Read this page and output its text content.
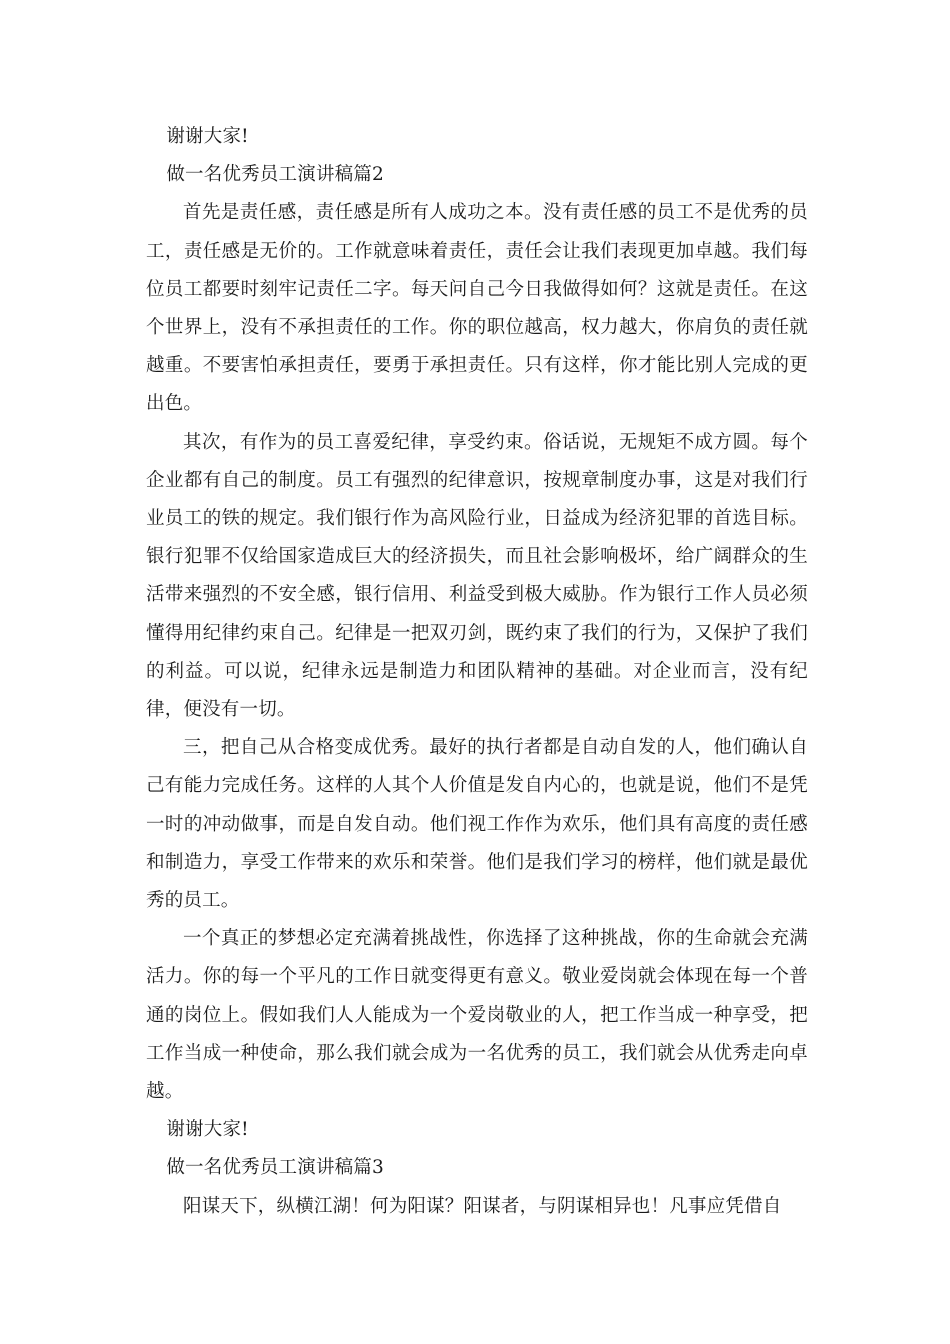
谢谢大家!

做一名优秀员工演讲稿篇2

首先是责任感，责任感是所有人成功之本。没有责任感的员工不是优秀的员工，责任感是无价的。工作就意味着责任，责任会让我们表现更加卓越。我们每位员工都要时刻牢记责任二字。每天问自己今日我做得如何？这就是责任。在这个世界上，没有不承担责任的工作。你的职位越高，权力越大，你肩负的责任就越重。不要害怕承担责任，要勇于承担责任。只有这样，你才能比别人完成的更出色。

其次，有作为的员工喜爱纪律，享受约束。俗话说，无规矩不成方圆。每个企业都有自己的制度。员工有强烈的纪律意识，按规章制度办事，这是对我们行业员工的铁的规定。我们银行作为高风险行业，日益成为经济犯罪的首选目标。银行犯罪不仅给国家造成巨大的经济损失，而且社会影响极坏，给广阔群众的生活带来强烈的不安全感，银行信用、利益受到极大威胁。作为银行工作人员必须懂得用纪律约束自己。纪律是一把双刃剑，既约束了我们的行为，又保护了我们的利益。可以说，纪律永远是制造力和团队精神的基础。对企业而言，没有纪律，便没有一切。

三，把自己从合格变成优秀。最好的执行者都是自动自发的人，他们确认自己有能力完成任务。这样的人其个人价值是发自内心的，也就是说，他们不是凭一时的冲动做事，而是自发自动。他们视工作作为欢乐，他们具有高度的责任感和制造力，享受工作带来的欢乐和荣誉。他们是我们学习的榜样，他们就是最优秀的员工。

一个真正的梦想必定充满着挑战性，你选择了这种挑战，你的生命就会充满活力。你的每一个平凡的工作日就变得更有意义。敬业爱岗就会体现在每一个普通的岗位上。假如我们人人能成为一个爱岗敬业的人，把工作当成一种享受，把工作当成一种使命，那么我们就会成为一名优秀的员工，我们就会从优秀走向卓越。

谢谢大家!

做一名优秀员工演讲稿篇3

阳谋天下，纵横江湖！何为阳谋？阳谋者，与阴谋相异也！凡事应凭借自
